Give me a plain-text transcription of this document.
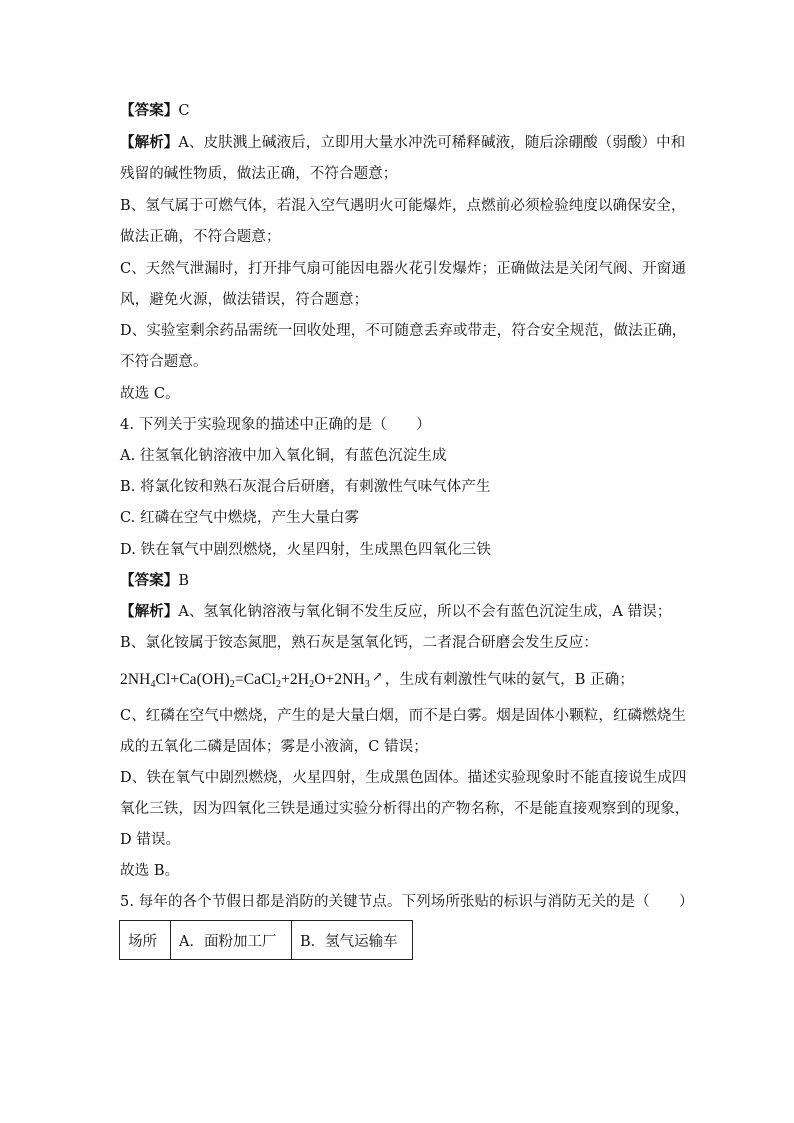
【答案】C
【解析】A、皮肤溅上碱液后，立即用大量水冲洗可稀释碱液，随后涂硼酸（弱酸）中和
残留的碱性物质，做法正确，不符合题意；
B、氢气属于可燃气体，若混入空气遇明火可能爆炸，点燃前必须检验纯度以确保安全，
做法正确，不符合题意；
C、天然气泄漏时，打开排气扇可能因电器火花引发爆炸；正确做法是关闭气阀、开窗通
风，避免火源，做法错误，符合题意；
D、实验室剩余药品需统一回收处理，不可随意丢弃或带走，符合安全规范，做法正确，
不符合题意。
故选 C。
4. 下列关于实验现象的描述中正确的是（　　）
A. 往氢氧化钠溶液中加入氧化铜，有蓝色沉淀生成
B. 将氯化铵和熟石灰混合后研磨，有刺激性气味气体产生
C. 红磷在空气中燃烧，产生大量白雾
D. 铁在氧气中剧烈燃烧，火星四射，生成黑色四氧化三铁
【答案】B
【解析】A、氢氧化钠溶液与氧化铜不发生反应，所以不会有蓝色沉淀生成，A 错误；
B、氯化铵属于铵态氮肥，熟石灰是氢氧化钙，二者混合研磨会发生反应：
$2NH_4Cl+Ca(OH)_2=CaCl_2+2H_2O+2NH_3$ ↗ ，生成有刺激性气味的氨气，B 正确；
C、红磷在空气中燃烧，产生的是大量白烟，而不是白雾。烟是固体小颗粒，红磷燃烧生
成的五氧化二磷是固体；雾是小液滴，C 错误；
D、铁在氧气中剧烈燃烧，火星四射，生成黑色固体。描述实验现象时不能直接说生成四
氧化三铁，因为四氧化三铁是通过实验分析得出的产物名称，不是能直接观察到的现象，
D 错误。
故选 B。
5. 每年的各个节假日都是消防的关键节点。下列场所张贴的标识与消防无关的是（　　）
场所	A．面粉加工厂	B．氢气运输车
